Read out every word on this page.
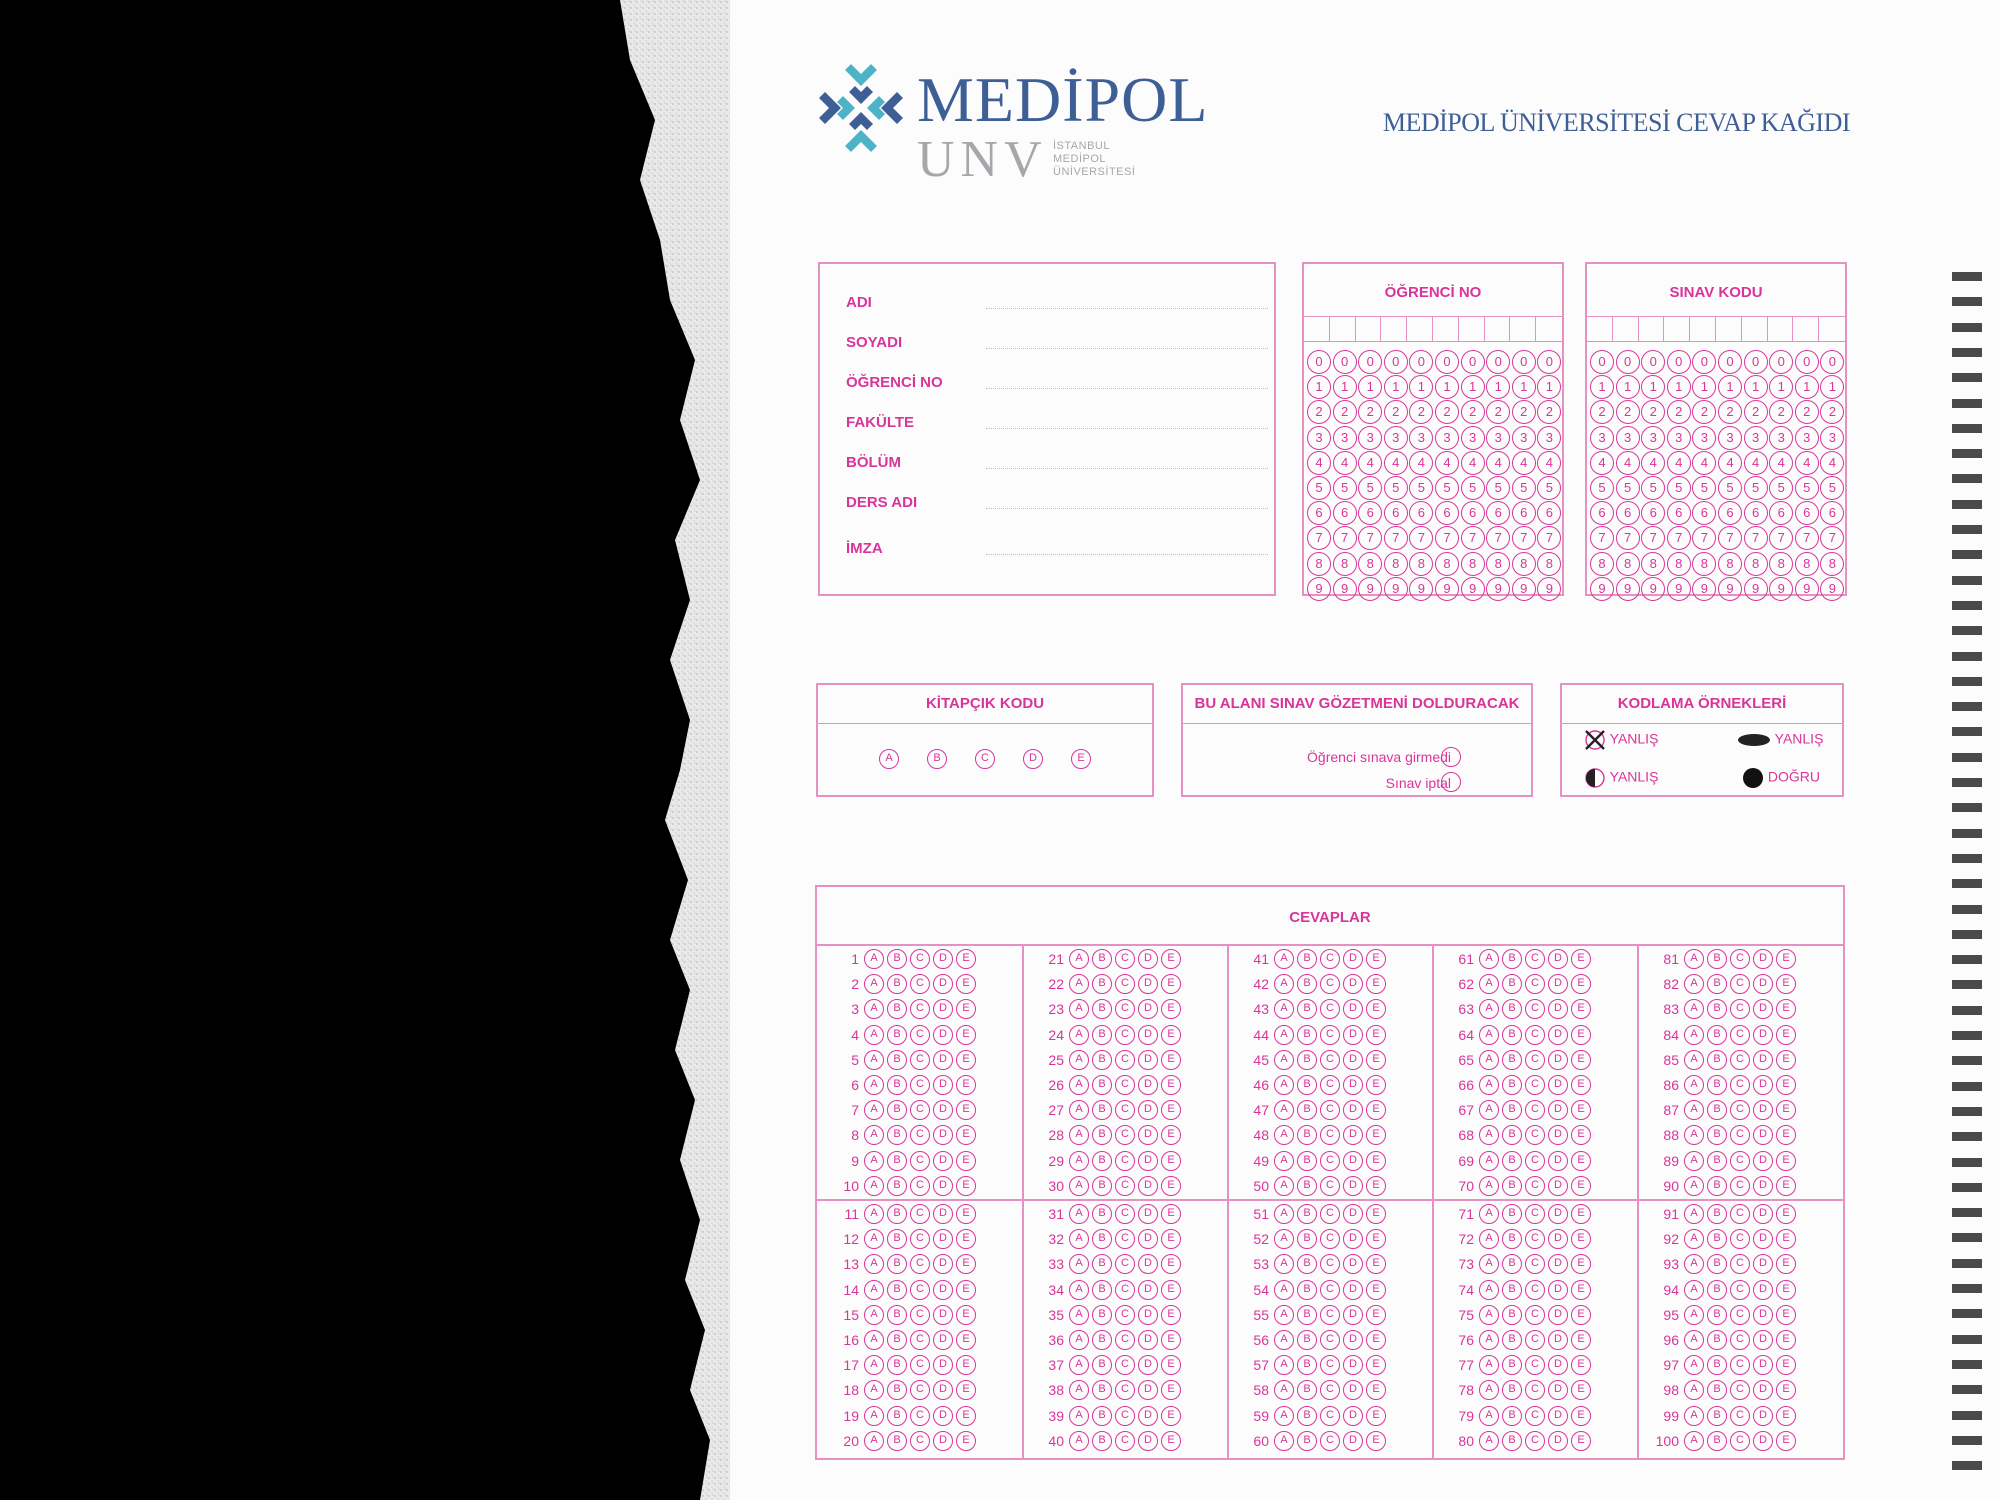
MEDİPOL
UNV İSTANBUL
MEDİPOL
ÜNİVERSİTESİ
MEDİPOL ÜNİVERSİTESİ CEVAP KAĞIDI
ADI
SOYADI
ÖĞRENCİ NO
FAKÜLTE
BÖLÜM
DERS ADI
İMZA
ÖĞRENCİ NO
0	0	0	0	0	0	0	0	0	0
1	1	1	1	1	1	1	1	1	1
2	2	2	2	2	2	2	2	2	2
3	3	3	3	3	3	3	3	3	3
4	4	4	4	4	4	4	4	4	4
5	5	5	5	5	5	5	5	5	5
6	6	6	6	6	6	6	6	6	6
7	7	7	7	7	7	7	7	7	7
8	8	8	8	8	8	8	8	8	8
9	9	9	9	9	9	9	9	9	9
SINAV KODU
0	0	0	0	0	0	0	0	0	0
1	1	1	1	1	1	1	1	1	1
2	2	2	2	2	2	2	2	2	2
3	3	3	3	3	3	3	3	3	3
4	4	4	4	4	4	4	4	4	4
5	5	5	5	5	5	5	5	5	5
6	6	6	6	6	6	6	6	6	6
7	7	7	7	7	7	7	7	7	7
8	8	8	8	8	8	8	8	8	8
9	9	9	9	9	9	9	9	9	9
KİTAPÇIK KODU
A	B	C	D	E
BU ALANI SINAV GÖZETMENİ DOLDURACAK
Öğrenci sınava girmedi
Sınav iptal
KODLAMA ÖRNEKLERİ
YANLIŞ	YANLIŞ
YANLIŞ	DOĞRU
CEVAPLAR
1 A B C D E
2 A B C D E
3 A B C D E
4 A B C D E
5 A B C D E
6 A B C D E
7 A B C D E
8 A B C D E
9 A B C D E
10 A B C D E
11 A B C D E
12 A B C D E
13 A B C D E
14 A B C D E
15 A B C D E
16 A B C D E
17 A B C D E
18 A B C D E
19 A B C D E
20 A B C D E
21 A B C D E
22 A B C D E
23 A B C D E
24 A B C D E
25 A B C D E
26 A B C D E
27 A B C D E
28 A B C D E
29 A B C D E
30 A B C D E
31 A B C D E
32 A B C D E
33 A B C D E
34 A B C D E
35 A B C D E
36 A B C D E
37 A B C D E
38 A B C D E
39 A B C D E
40 A B C D E
41 A B C D E
42 A B C D E
43 A B C D E
44 A B C D E
45 A B C D E
46 A B C D E
47 A B C D E
48 A B C D E
49 A B C D E
50 A B C D E
51 A B C D E
52 A B C D E
53 A B C D E
54 A B C D E
55 A B C D E
56 A B C D E
57 A B C D E
58 A B C D E
59 A B C D E
60 A B C D E
61 A B C D E
62 A B C D E
63 A B C D E
64 A B C D E
65 A B C D E
66 A B C D E
67 A B C D E
68 A B C D E
69 A B C D E
70 A B C D E
71 A B C D E
72 A B C D E
73 A B C D E
74 A B C D E
75 A B C D E
76 A B C D E
77 A B C D E
78 A B C D E
79 A B C D E
80 A B C D E
81 A B C D E
82 A B C D E
83 A B C D E
84 A B C D E
85 A B C D E
86 A B C D E
87 A B C D E
88 A B C D E
89 A B C D E
90 A B C D E
91 A B C D E
92 A B C D E
93 A B C D E
94 A B C D E
95 A B C D E
96 A B C D E
97 A B C D E
98 A B C D E
99 A B C D E
100 A B C D E
